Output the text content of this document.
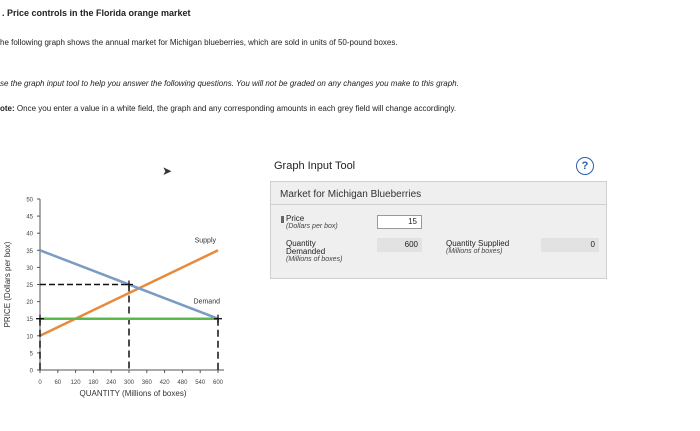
. Price controls in the Florida orange market
he following graph shows the annual market for Michigan blueberries, which are sold in units of 50-pound boxes.
se the graph input tool to help you answer the following questions. You will not be graded on any changes you make to this graph.
ote: Once you enter a value in a white field, the graph and any corresponding amounts in each grey field will change accordingly.
➤
0
5
10
15
20
25
30
35
40
45
50
0 60 120 180 240 300 360 420 480 540 600
Supply
Demand
PRICE (Dollars per box)
QUANTITY (Millions of boxes)
Graph Input Tool	?
Market for Michigan Blueberries
Price
(Dollars per box)
15
Quantity
Demanded
(Millions of boxes)
600	Quantity Supplied
(Millions of boxes)
0
